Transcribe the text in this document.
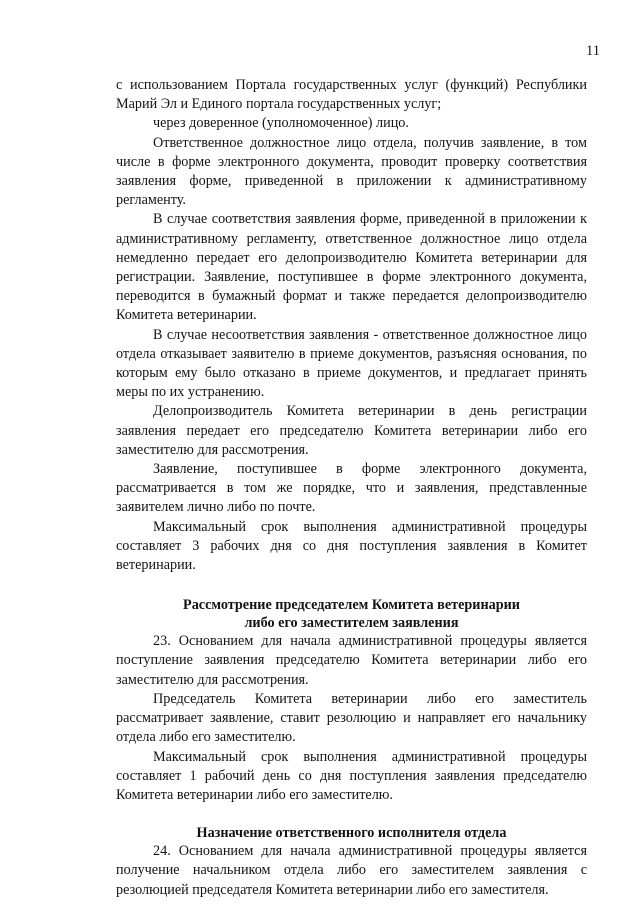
11

с использованием Портала государственных услуг (функций) Республики Марий Эл и Единого портала государственных услуг;

через доверенное (уполномоченное) лицо.

Ответственное должностное лицо отдела, получив заявление, в том числе в форме электронного документа, проводит проверку соответствия заявления форме, приведенной в приложении к административному регламенту.

В случае соответствия заявления форме, приведенной в приложении к административному регламенту, ответственное должностное лицо отдела немедленно передает его делопроизводителю Комитета ветеринарии для регистрации. Заявление, поступившее в форме электронного документа, переводится в бумажный формат и также передается делопроизводителю Комитета ветеринарии.

В случае несоответствия заявления - ответственное должностное лицо отдела отказывает заявителю в приеме документов, разъясняя основания, по которым ему было отказано в приеме документов, и предлагает принять меры по их устранению.

Делопроизводитель Комитета ветеринарии в день регистрации заявления передает его председателю Комитета ветеринарии либо его заместителю для рассмотрения.

Заявление, поступившее в форме электронного документа, рассматривается в том же порядке, что и заявления, представленные заявителем лично либо по почте.

Максимальный срок выполнения административной процедуры составляет 3 рабочих дня со дня поступления заявления в Комитет ветеринарии.

Рассмотрение председателем Комитета ветеринарии
либо его заместителем заявления

23. Основанием для начала административной процедуры является поступление заявления председателю Комитета ветеринарии либо его заместителю для рассмотрения.

Председатель Комитета ветеринарии либо его заместитель рассматривает заявление, ставит резолюцию и направляет его начальнику отдела либо его заместителю.

Максимальный срок выполнения административной процедуры составляет 1 рабочий день со дня поступления заявления председателю Комитета ветеринарии либо его заместителю.

Назначение ответственного исполнителя отдела

24. Основанием для начала административной процедуры является получение начальником отдела либо его заместителем заявления с резолюцией председателя Комитета ветеринарии либо его заместителя.
